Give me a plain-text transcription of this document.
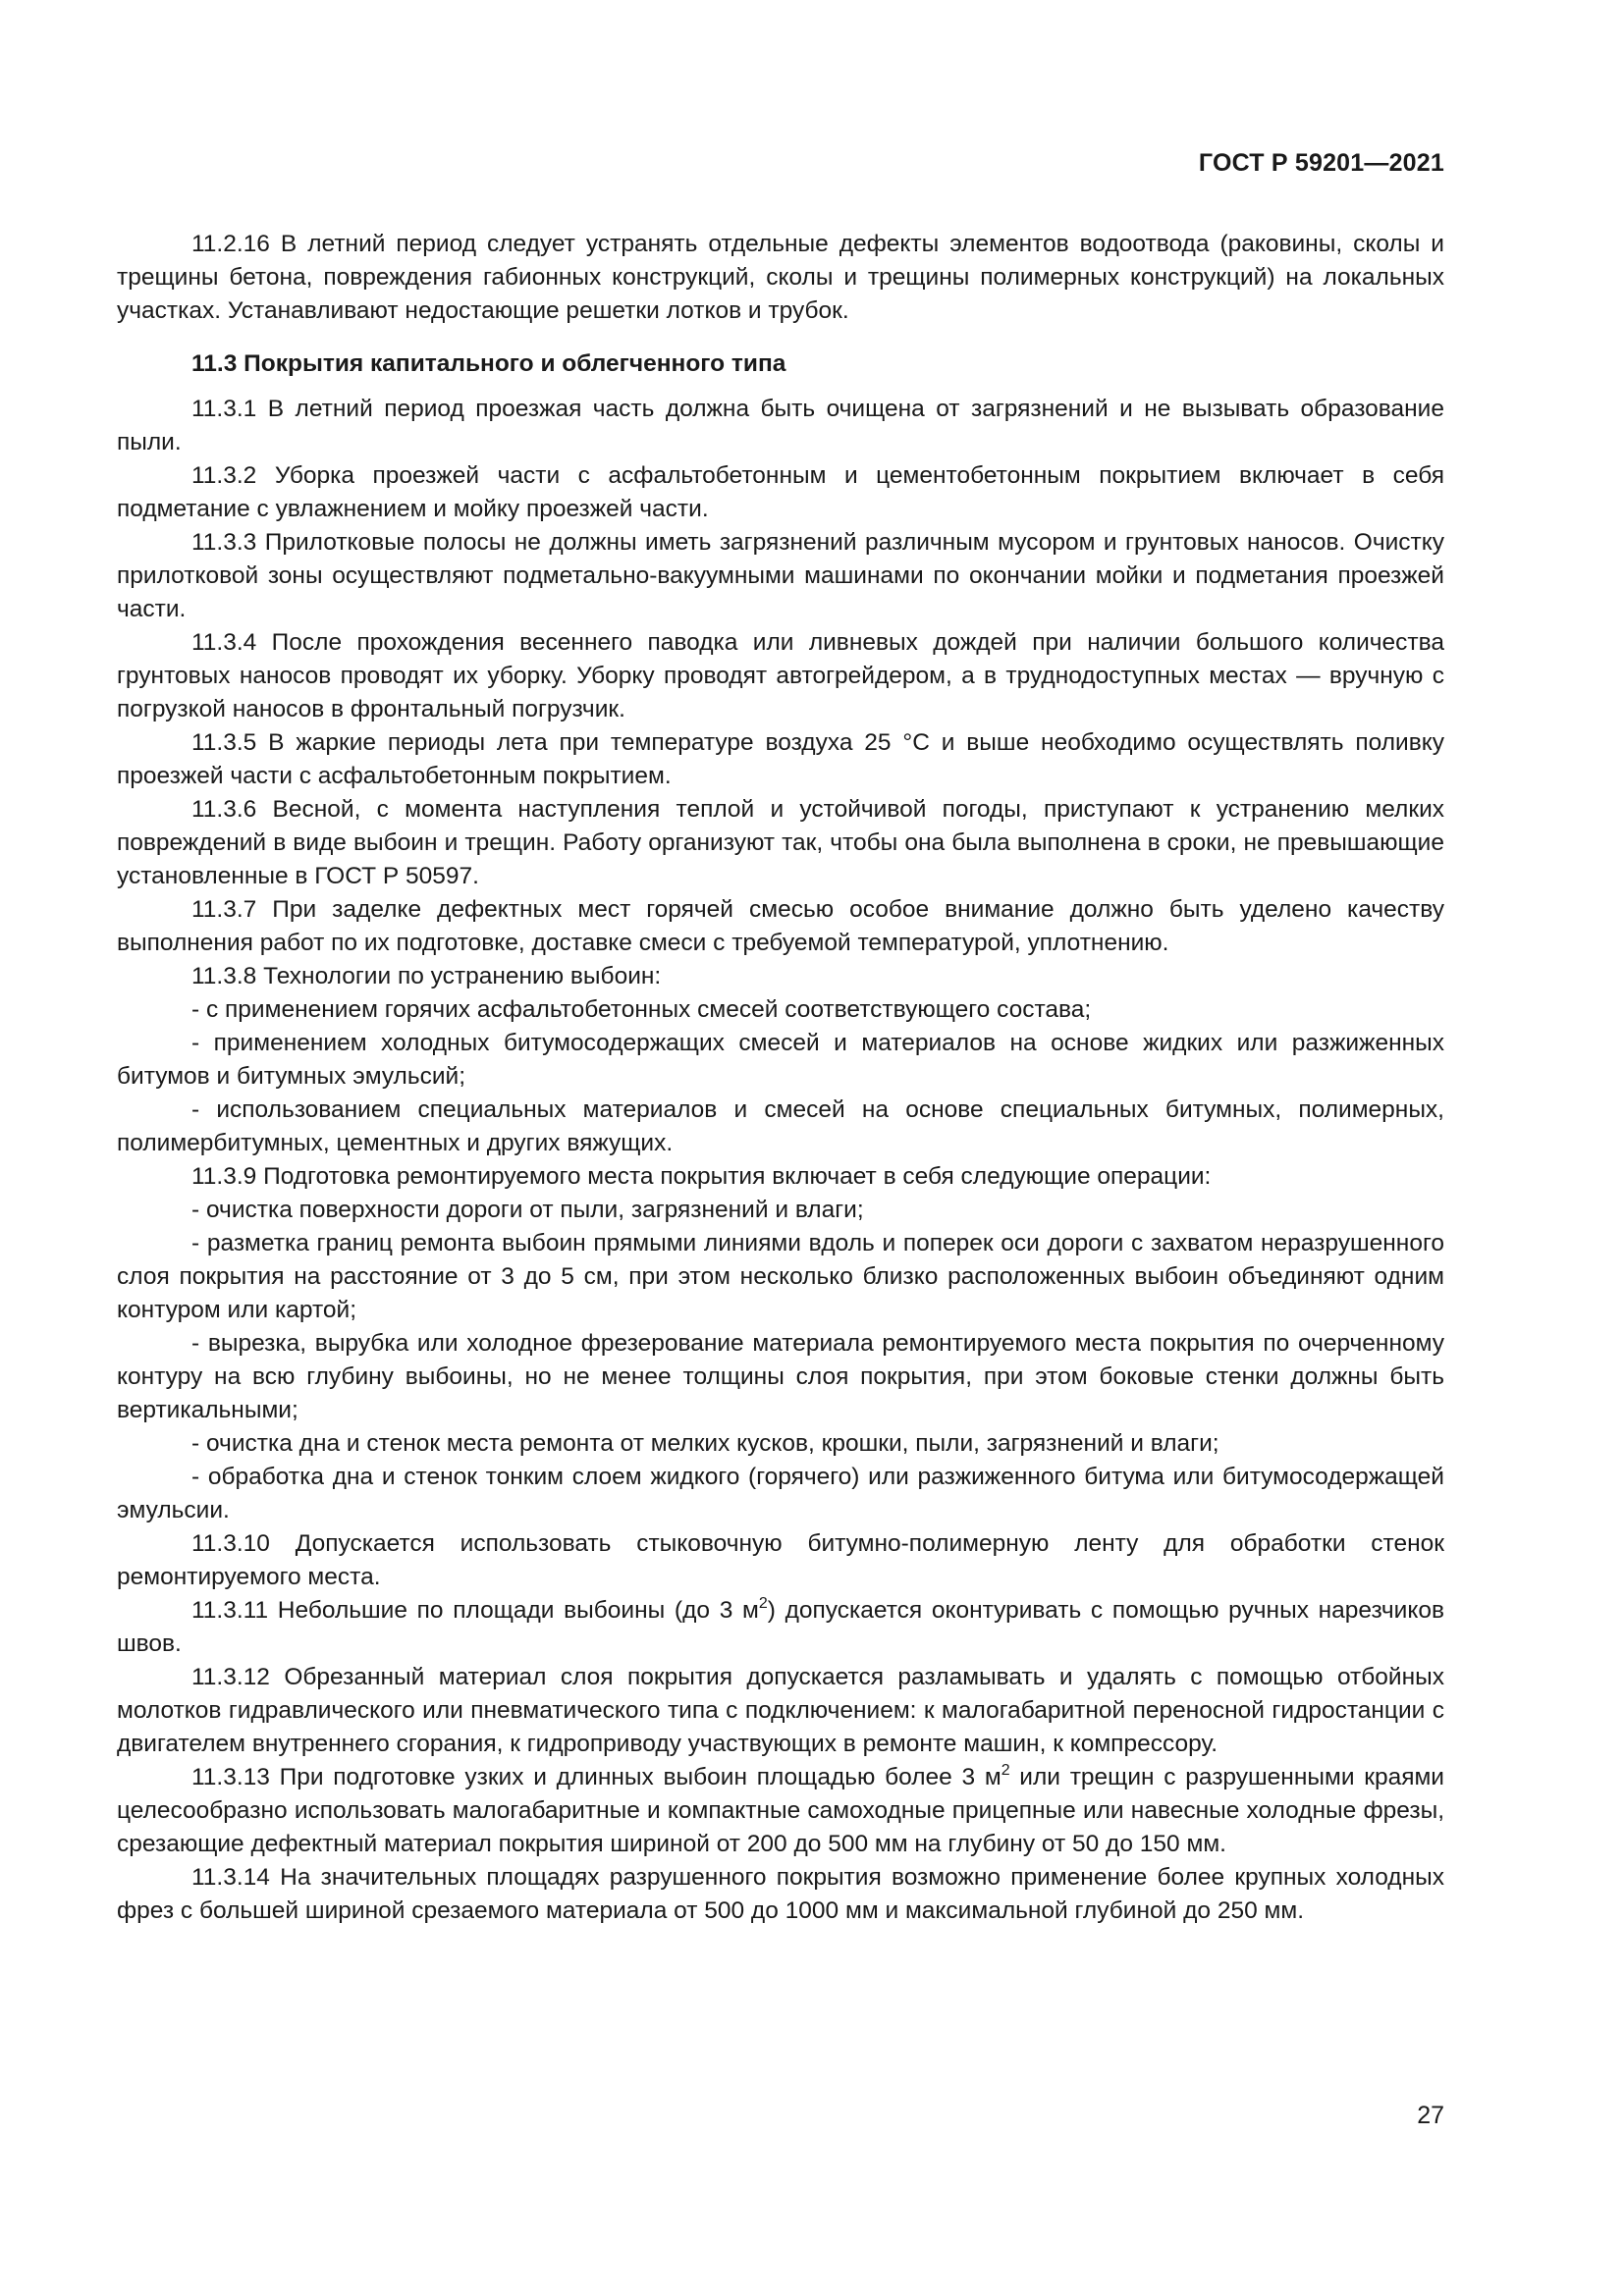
ГОСТ Р 59201—2021

11.2.16 В летний период следует устранять отдельные дефекты элементов водоотвода (раковины, сколы и трещины бетона, повреждения габионных конструкций, сколы и трещины полимерных конструкций) на локальных участках. Устанавливают недостающие решетки лотков и трубок.

11.3 Покрытия капитального и облегченного типа

11.3.1 В летний период проезжая часть должна быть очищена от загрязнений и не вызывать образование пыли.

11.3.2 Уборка проезжей части с асфальтобетонным и цементобетонным покрытием включает в себя подметание с увлажнением и мойку проезжей части.

11.3.3 Прилотковые полосы не должны иметь загрязнений различным мусором и грунтовых наносов. Очистку прилотковой зоны осуществляют подметально-вакуумными машинами по окончании мойки и подметания проезжей части.

11.3.4 После прохождения весеннего паводка или ливневых дождей при наличии большого количества грунтовых наносов проводят их уборку. Уборку проводят автогрейдером, а в труднодоступных местах — вручную с погрузкой наносов в фронтальный погрузчик.

11.3.5 В жаркие периоды лета при температуре воздуха 25 °С и выше необходимо осуществлять поливку проезжей части с асфальтобетонным покрытием.

11.3.6 Весной, с момента наступления теплой и устойчивой погоды, приступают к устранению мелких повреждений в виде выбоин и трещин. Работу организуют так, чтобы она была выполнена в сроки, не превышающие установленные в ГОСТ Р 50597.

11.3.7 При заделке дефектных мест горячей смесью особое внимание должно быть уделено качеству выполнения работ по их подготовке, доставке смеси с требуемой температурой, уплотнению.

11.3.8 Технологии по устранению выбоин:

- с применением горячих асфальтобетонных смесей соответствующего состава;
- применением холодных битумосодержащих смесей и материалов на основе жидких или разжиженных битумов и битумных эмульсий;
- использованием специальных материалов и смесей на основе специальных битумных, полимерных, полимербитумных, цементных и других вяжущих.

11.3.9 Подготовка ремонтируемого места покрытия включает в себя следующие операции:

- очистка поверхности дороги от пыли, загрязнений и влаги;
- разметка границ ремонта выбоин прямыми линиями вдоль и поперек оси дороги с захватом неразрушенного слоя покрытия на расстояние от 3 до 5 см, при этом несколько близко расположенных выбоин объединяют одним контуром или картой;
- вырезка, вырубка или холодное фрезерование материала ремонтируемого места покрытия по очерченному контуру на всю глубину выбоины, но не менее толщины слоя покрытия, при этом боковые стенки должны быть вертикальными;
- очистка дна и стенок места ремонта от мелких кусков, крошки, пыли, загрязнений и влаги;
- обработка дна и стенок тонким слоем жидкого (горячего) или разжиженного битума или битумосодержащей эмульсии.

11.3.10 Допускается использовать стыковочную битумно-полимерную ленту для обработки стенок ремонтируемого места.

11.3.11 Небольшие по площади выбоины (до 3 $м^2$) допускается оконтуривать с помощью ручных нарезчиков швов.

11.3.12 Обрезанный материал слоя покрытия допускается разламывать и удалять с помощью отбойных молотков гидравлического или пневматического типа с подключением: к малогабаритной переносной гидростанции с двигателем внутреннего сгорания, к гидроприводу участвующих в ремонте машин, к компрессору.

11.3.13 При подготовке узких и длинных выбоин площадью более 3 $м^2$ или трещин с разрушенными краями целесообразно использовать малогабаритные и компактные самоходные прицепные или навесные холодные фрезы, срезающие дефектный материал покрытия шириной от 200 до 500 мм на глубину от 50 до 150 мм.

11.3.14 На значительных площадях разрушенного покрытия возможно применение более крупных холодных фрез с большей шириной срезаемого материала от 500 до 1000 мм и максимальной глубиной до 250 мм.

27
